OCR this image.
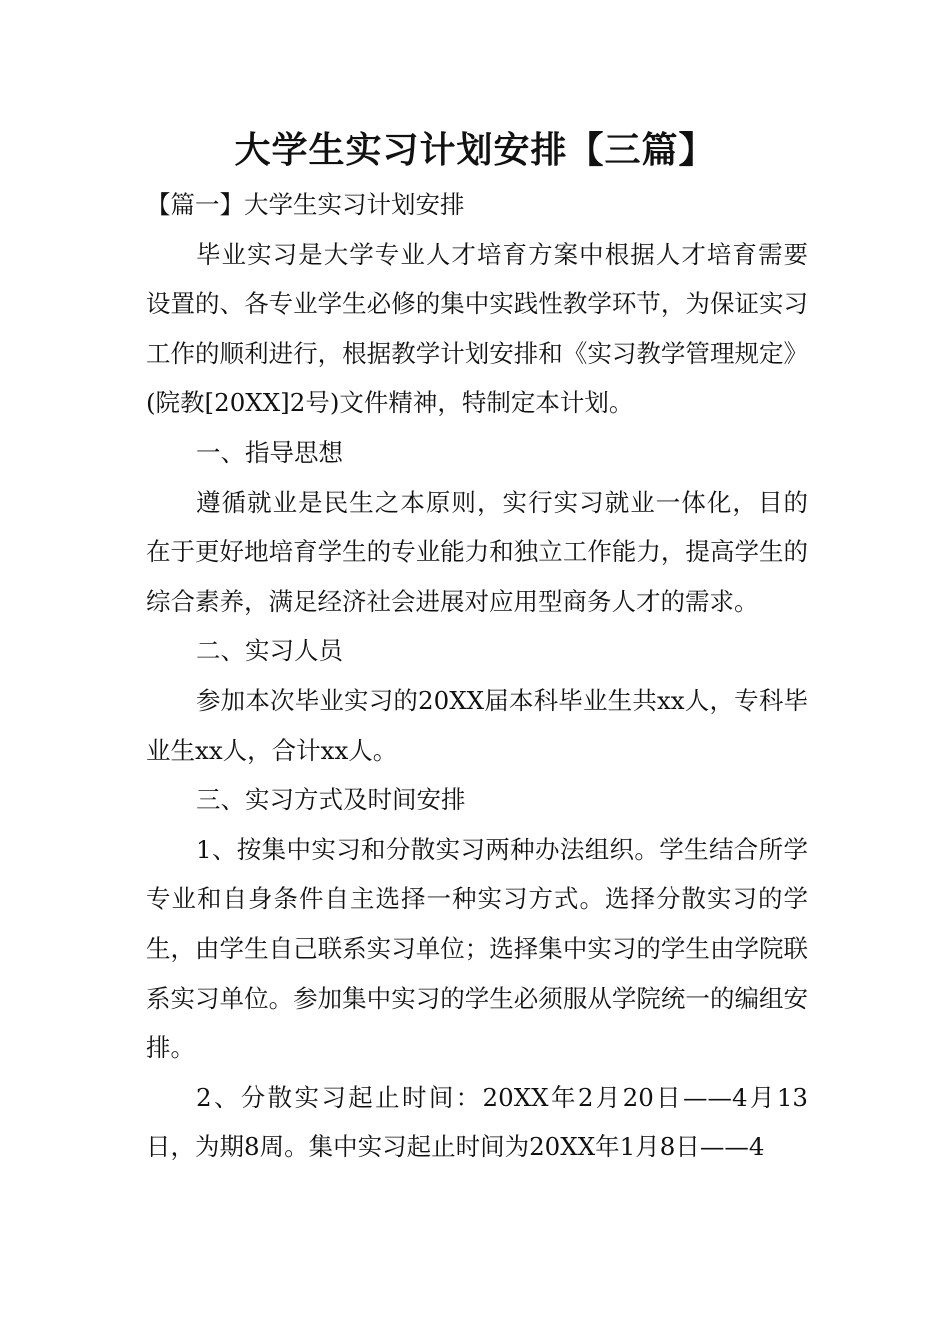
大学生实习计划安排【三篇】

【篇一】大学生实习计划安排

毕业实习是大学专业人才培育方案中根据人才培育需要设置的、各专业学生必修的集中实践性教学环节，为保证实习工作的顺利进行，根据教学计划安排和《实习教学管理规定》(院教[20XX]2号)文件精神，特制定本计划。

一、指导思想

遵循就业是民生之本原则，实行实习就业一体化，目的在于更好地培育学生的专业能力和独立工作能力，提高学生的综合素养，满足经济社会进展对应用型商务人才的需求。

二、实习人员

参加本次毕业实习的20XX届本科毕业生共xx人，专科毕业生xx人，合计xx人。

三、实习方式及时间安排

1、按集中实习和分散实习两种办法组织。学生结合所学专业和自身条件自主选择一种实习方式。选择分散实习的学生，由学生自己联系实习单位；选择集中实习的学生由学院联系实习单位。参加集中实习的学生必须服从学院统一的编组安排。

2、分散实习起止时间：20XX年2月20日——4月13日，为期8周。集中实习起止时间为20XX年1月8日——4
